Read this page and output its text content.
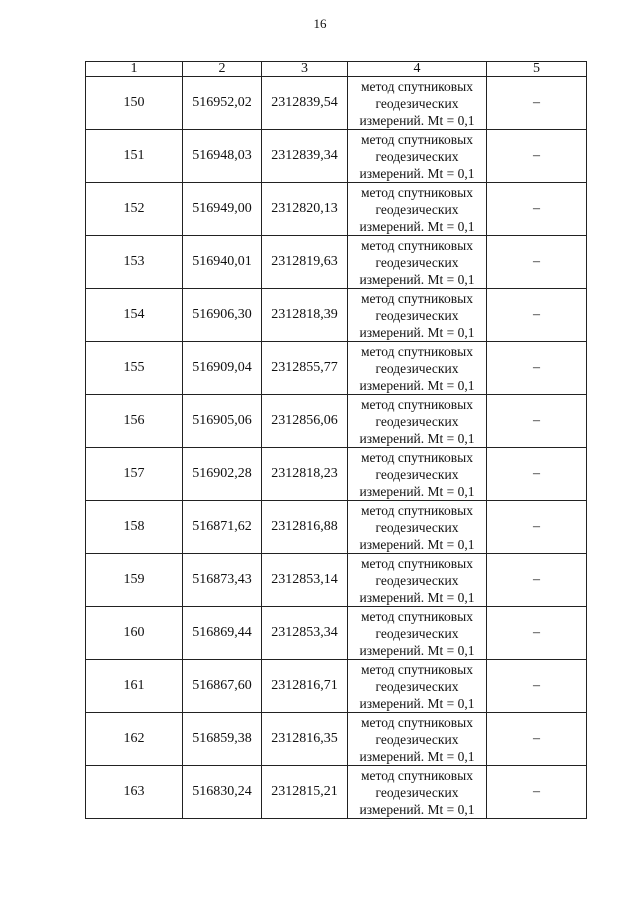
16
1	2	3	4	5
150	516952,02	2312839,54	метод спутниковых
геодезических
измерений. Mt = 0,1	–
151	516948,03	2312839,34	метод спутниковых
геодезических
измерений. Mt = 0,1	–
152	516949,00	2312820,13	метод спутниковых
геодезических
измерений. Mt = 0,1	–
153	516940,01	2312819,63	метод спутниковых
геодезических
измерений. Mt = 0,1	–
154	516906,30	2312818,39	метод спутниковых
геодезических
измерений. Mt = 0,1	–
155	516909,04	2312855,77	метод спутниковых
геодезических
измерений. Mt = 0,1	–
156	516905,06	2312856,06	метод спутниковых
геодезических
измерений. Mt = 0,1	–
157	516902,28	2312818,23	метод спутниковых
геодезических
измерений. Mt = 0,1	–
158	516871,62	2312816,88	метод спутниковых
геодезических
измерений. Mt = 0,1	–
159	516873,43	2312853,14	метод спутниковых
геодезических
измерений. Mt = 0,1	–
160	516869,44	2312853,34	метод спутниковых
геодезических
измерений. Mt = 0,1	–
161	516867,60	2312816,71	метод спутниковых
геодезических
измерений. Mt = 0,1	–
162	516859,38	2312816,35	метод спутниковых
геодезических
измерений. Mt = 0,1	–
163	516830,24	2312815,21	метод спутниковых
геодезических
измерений. Mt = 0,1	–
